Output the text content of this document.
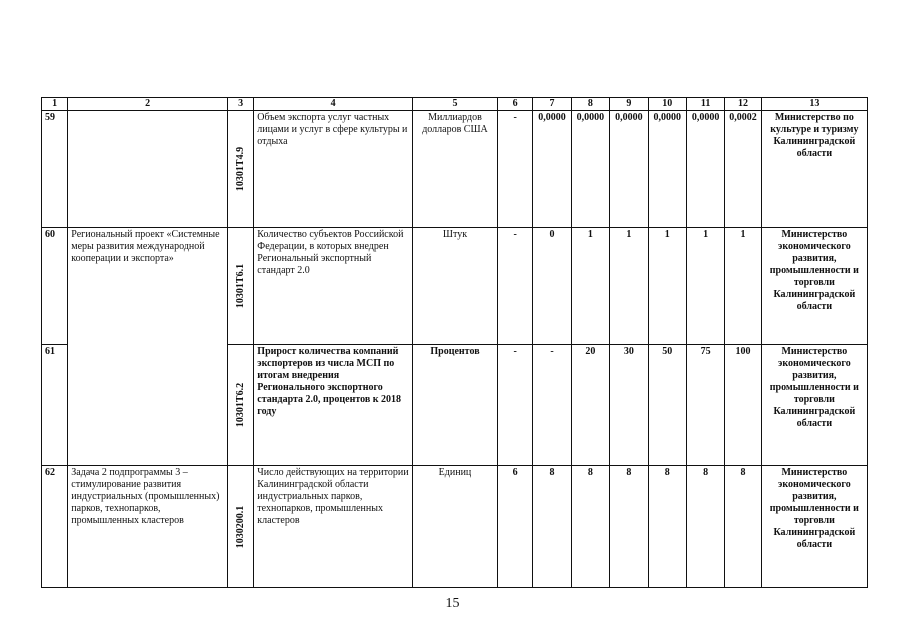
1	2	3	4	5	6	7	8	9	10	11	12	13
59		10301T4.9	Объем экспорта услуг частных лицами и услуг в сфере культуры и отдыха	Миллиардов долларов США	-	0,0000	0,0000	0,0000	0,0000	0,0000	0,0002	Министерство по культуре и туризму Калининградской области
60	Региональный проект «Системные меры развития международной кооперации и экспорта»	10301T6.1	Количество субъектов Российской Федерации, в которых внедрен Региональный экспортный стандарт 2.0	Штук	-	0	1	1	1	1	1	Министерство экономического развития, промышленности и торговли Калининградской области
61		10301T6.2	Прирост количества компаний экспортеров из числа МСП по итогам внедрения Регионального экспортного стандарта 2.0, процентов к 2018 году	Процентов	-	-	20	30	50	75	100	Министерство экономического развития, промышленности и торговли Калининградской области
62	Задача 2 подпрограммы 3 – стимулирование развития индустриальных (промышленных) парков, технопарков, промышленных кластеров	1030200.1	Число действующих на территории Калининградской области индустриальных парков, технопарков, промышленных кластеров	Единиц	6	8	8	8	8	8	8	Министерство экономического развития, промышленности и торговли Калининградской области
15
